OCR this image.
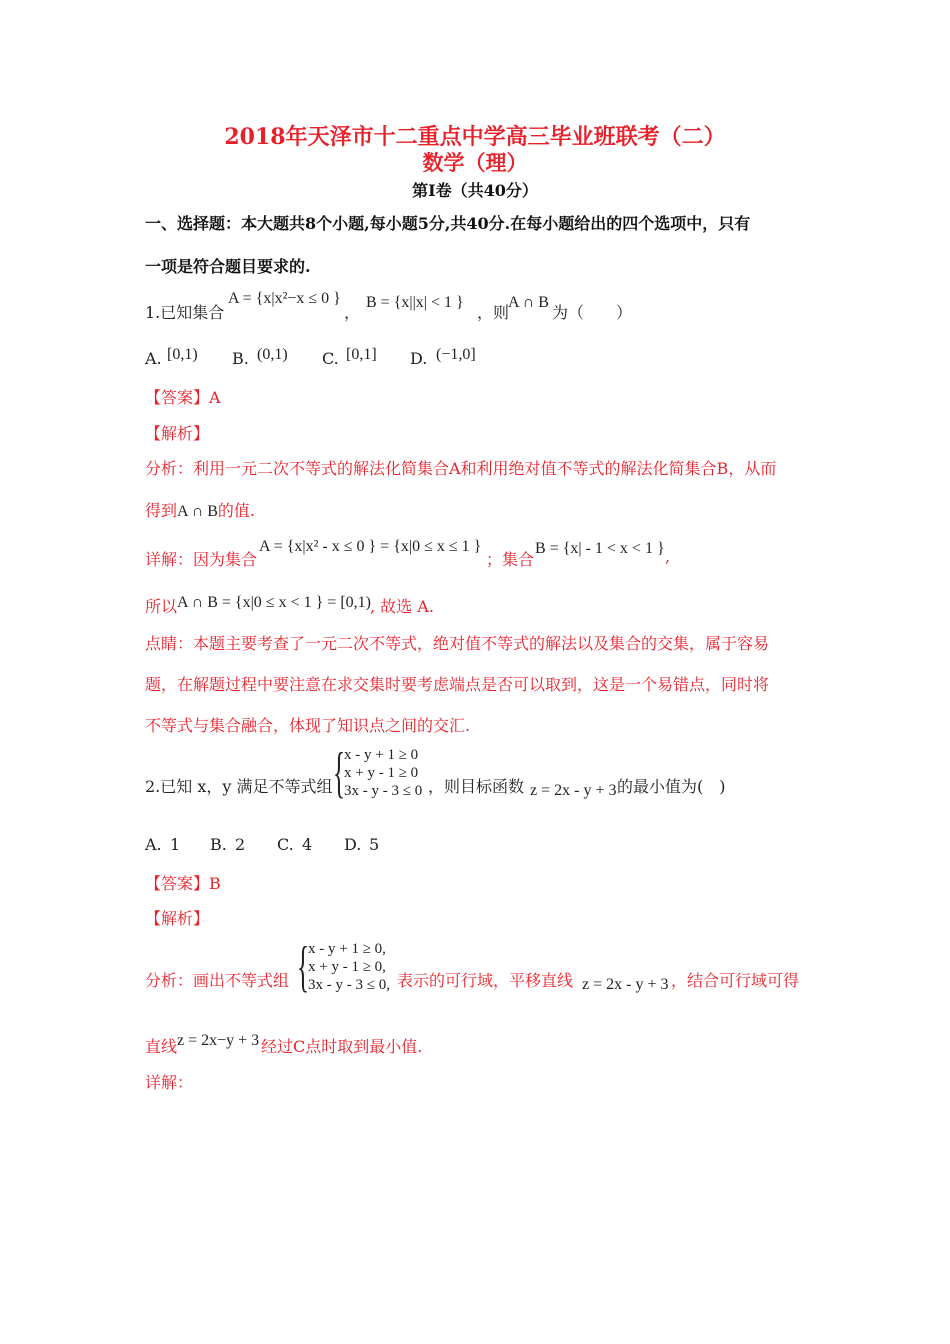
2018年天泽市十二重点中学高三毕业班联考（二）
数学（理）
第Ⅰ卷（共40分）
一、选择题：本大题共8个小题,每小题5分,共40分.在每小题给出的四个选项中，只有
一项是符合题目要求的.
1.已知集合
A = {x|x²−x ≤ 0 }
，
B = {x||x| < 1 }
，则
A ∩ B
为（　　）
A. [0,1) B. (0,1) C. [0,1] D. (−1,0]
【答案】A
【解析】
分析：利用一元二次不等式的解法化简集合A和利用绝对值不等式的解法化简集合B，从而
得到A ∩ B的值.
详解：因为集合
A = {x|x² - x ≤ 0 } = {x|0 ≤ x ≤ 1 }
；集合
B = {x| - 1 < x < 1 } ,
所以 A ∩ B = {x|0 ≤ x < 1 } = [0,1) , 故选 A.
点睛：本题主要考查了一元二次不等式，绝对值不等式的解法以及集合的交集，属于容易
题，在解题过程中要注意在求交集时要考虑端点是否可以取到，这是一个易错点，同时将
不等式与集合融合，体现了知识点之间的交汇.
2.已知 x，y 满足不等式组 {
x - y + 1 ≥ 0
x + y - 1 ≥ 0
3x - y - 3 ≤ 0 ，则目标函数 z = 2x - y + 3 的最小值为(　)
A. 1 B. 2 C. 4 D. 5
【答案】B
【解析】
分析：画出不等式组 {
x - y + 1 ≥ 0,
x + y - 1 ≥ 0,
3x - y - 3 ≤ 0, 表示的可行域，平移直线 z = 2x - y + 3 ，结合可行域可得
直线 z = 2x−y + 3 经过C点时取到最小值.
详解：
